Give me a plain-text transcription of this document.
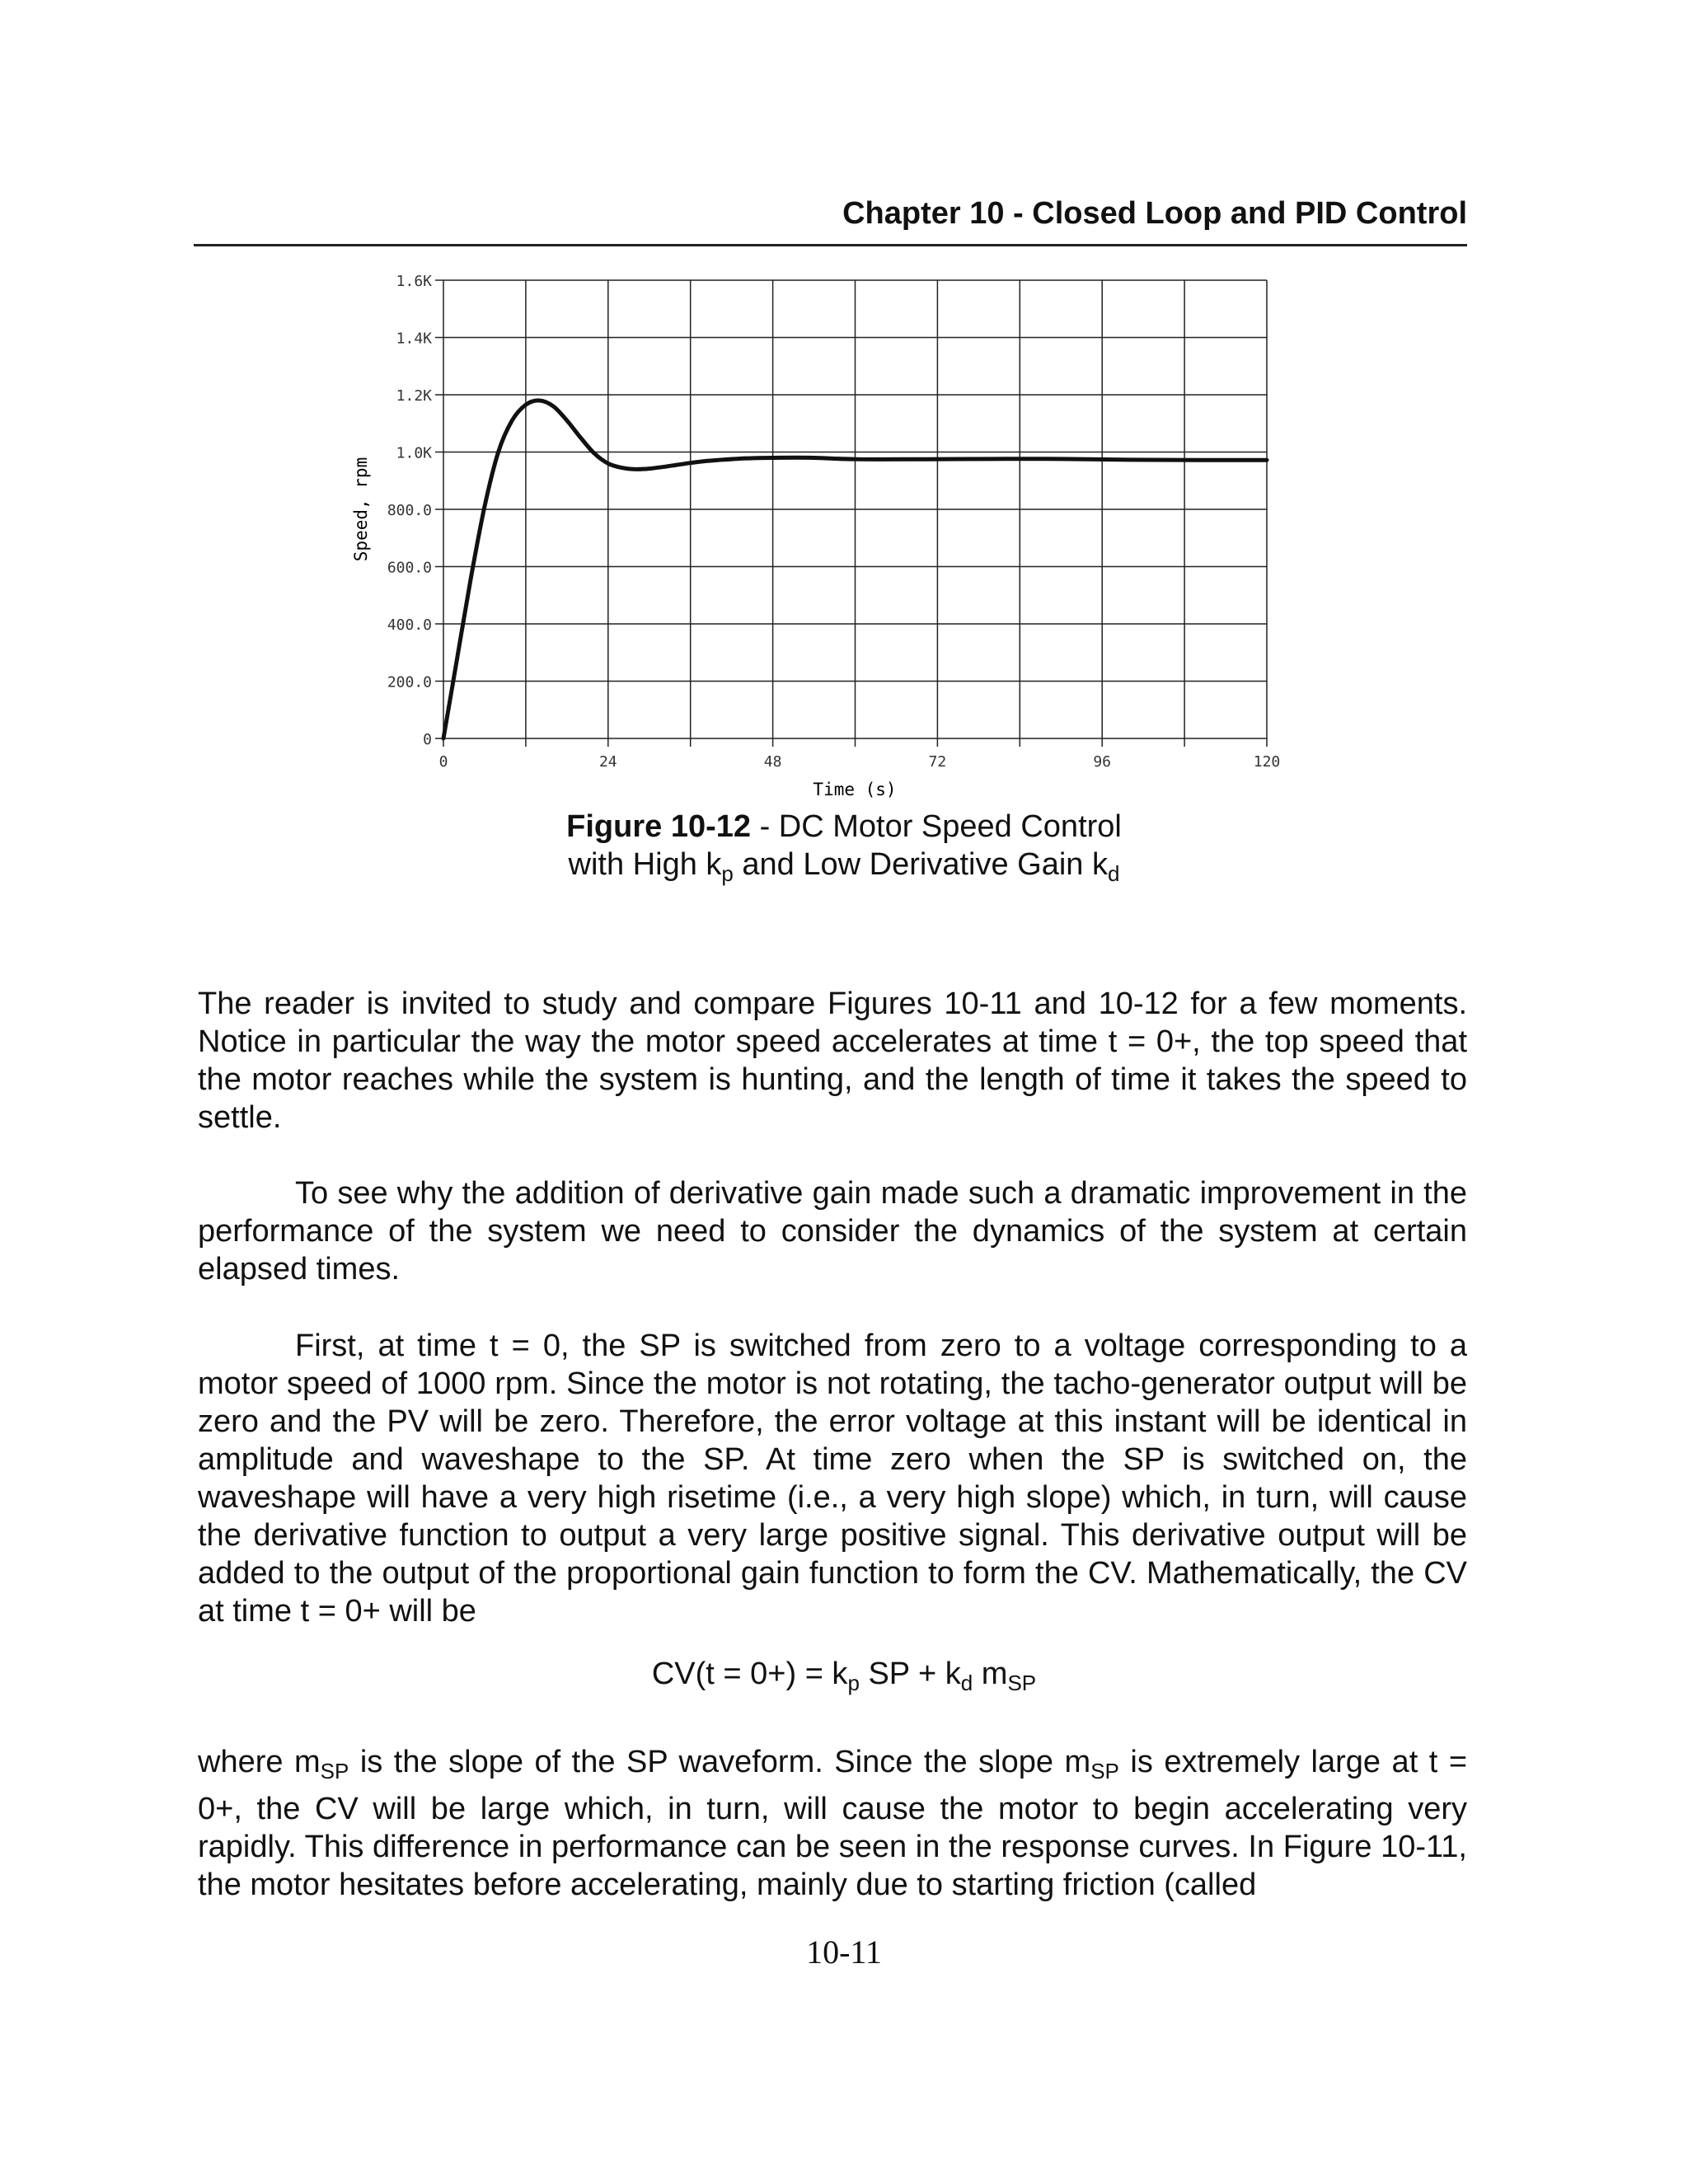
Chapter 10 - Closed Loop and PID Control
0
200.0
400.0
600.0
800.0
1.0K
1.2K
1.4K
1.6K
0	24	48	72	96	120
Speed, rpm
Time (s)
Figure 10-12 - DC Motor Speed Control
with High $k_p$ and Low Derivative Gain $k_d$

The reader is invited to study and compare Figures 10-11 and 10-12 for a few moments. Notice in particular the way the motor speed accelerates at time t = 0+, the top speed that the motor reaches while the system is hunting, and the length of time it takes the speed to settle.

To see why the addition of derivative gain made such a dramatic improvement in the performance of the system we need to consider the dynamics of the system at certain elapsed times.

First, at time t = 0, the SP is switched from zero to a voltage corresponding to a motor speed of 1000 rpm. Since the motor is not rotating, the tacho-generator output will be zero and the PV will be zero. Therefore, the error voltage at this instant will be identical in amplitude and waveshape to the SP. At time zero when the SP is switched on, the waveshape will have a very high risetime (i.e., a very high slope) which, in turn, will cause the derivative function to output a very large positive signal. This derivative output will be added to the output of the proportional gain function to form the CV. Mathematically, the CV at time t = 0+ will be

$CV(t = 0+) = k_p$ SP + $k_d$ $m_{SP}$

where $m_{SP}$ is the slope of the SP waveform. Since the slope $m_{SP}$ is extremely large at t = 0+, the CV will be large which, in turn, will cause the motor to begin accelerating very rapidly. This difference in performance can be seen in the response curves. In Figure 10-11, the motor hesitates before accelerating, mainly due to starting friction (called

10-11
